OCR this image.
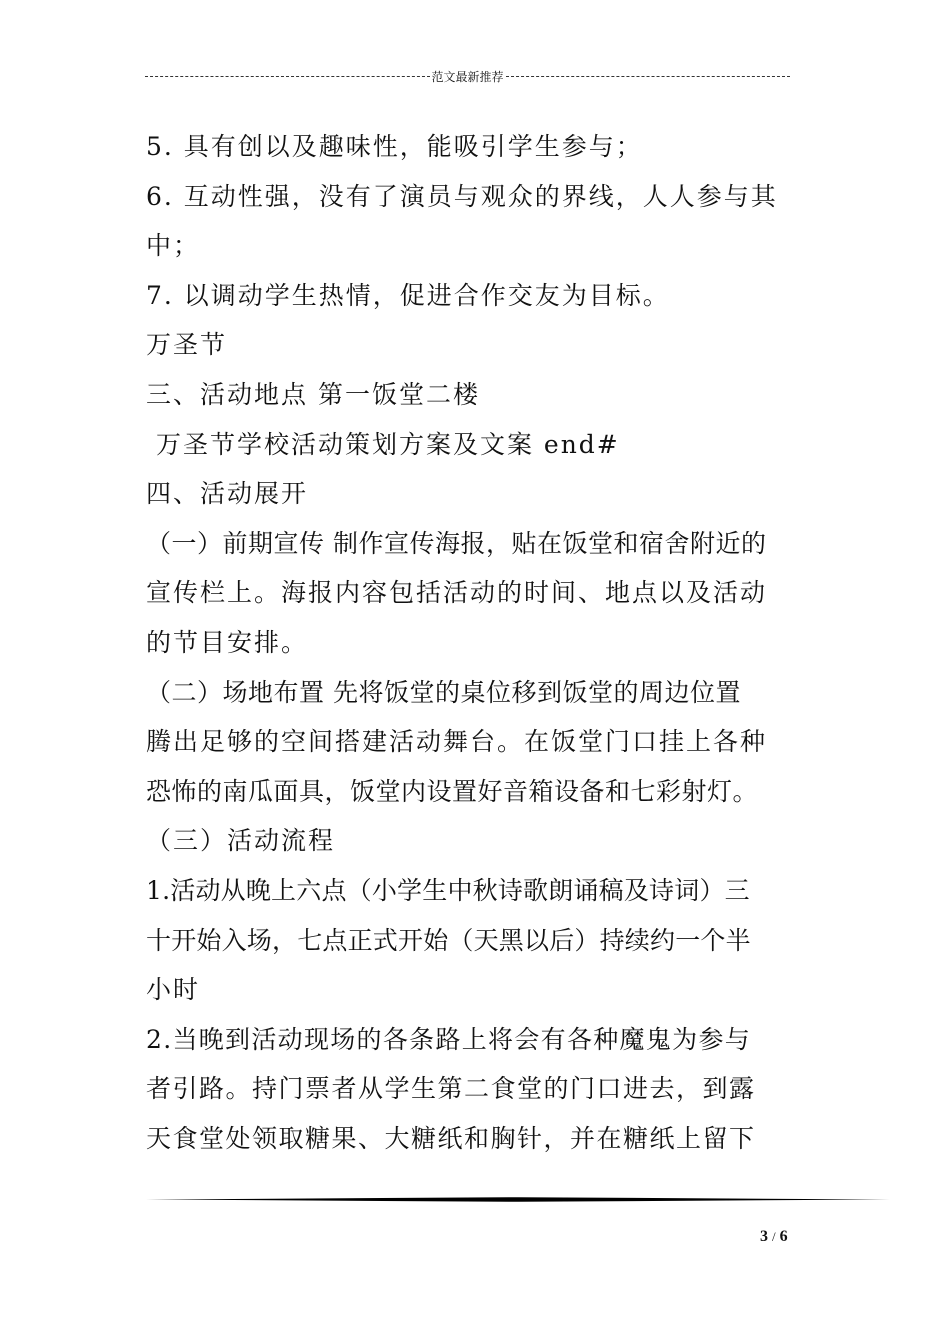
范文最新推荐
5. 具有创以及趣味性，能吸引学生参与；
6. 互动性强，没有了演员与观众的界线，人人参与其
中；
7. 以调动学生热情，促进合作交友为目标。
万圣节
三、活动地点 第一饭堂二楼
万圣节学校活动策划方案及文案 end#
四、活动展开
（一）前期宣传 制作宣传海报，贴在饭堂和宿舍附近的
宣传栏上。海报内容包括活动的时间、地点以及活动
的节目安排。
（二）场地布置 先将饭堂的桌位移到饭堂的周边位置
腾出足够的空间搭建活动舞台。在饭堂门口挂上各种
恐怖的南瓜面具，饭堂内设置好音箱设备和七彩射灯。
（三）活动流程
1.活动从晚上六点（小学生中秋诗歌朗诵稿及诗词）三
十开始入场，七点正式开始（天黑以后）持续约一个半
小时
2.当晚到活动现场的各条路上将会有各种魔鬼为参与
者引路。持门票者从学生第二食堂的门口进去，到露
天食堂处领取糖果、大糖纸和胸针，并在糖纸上留下
3 / 6
